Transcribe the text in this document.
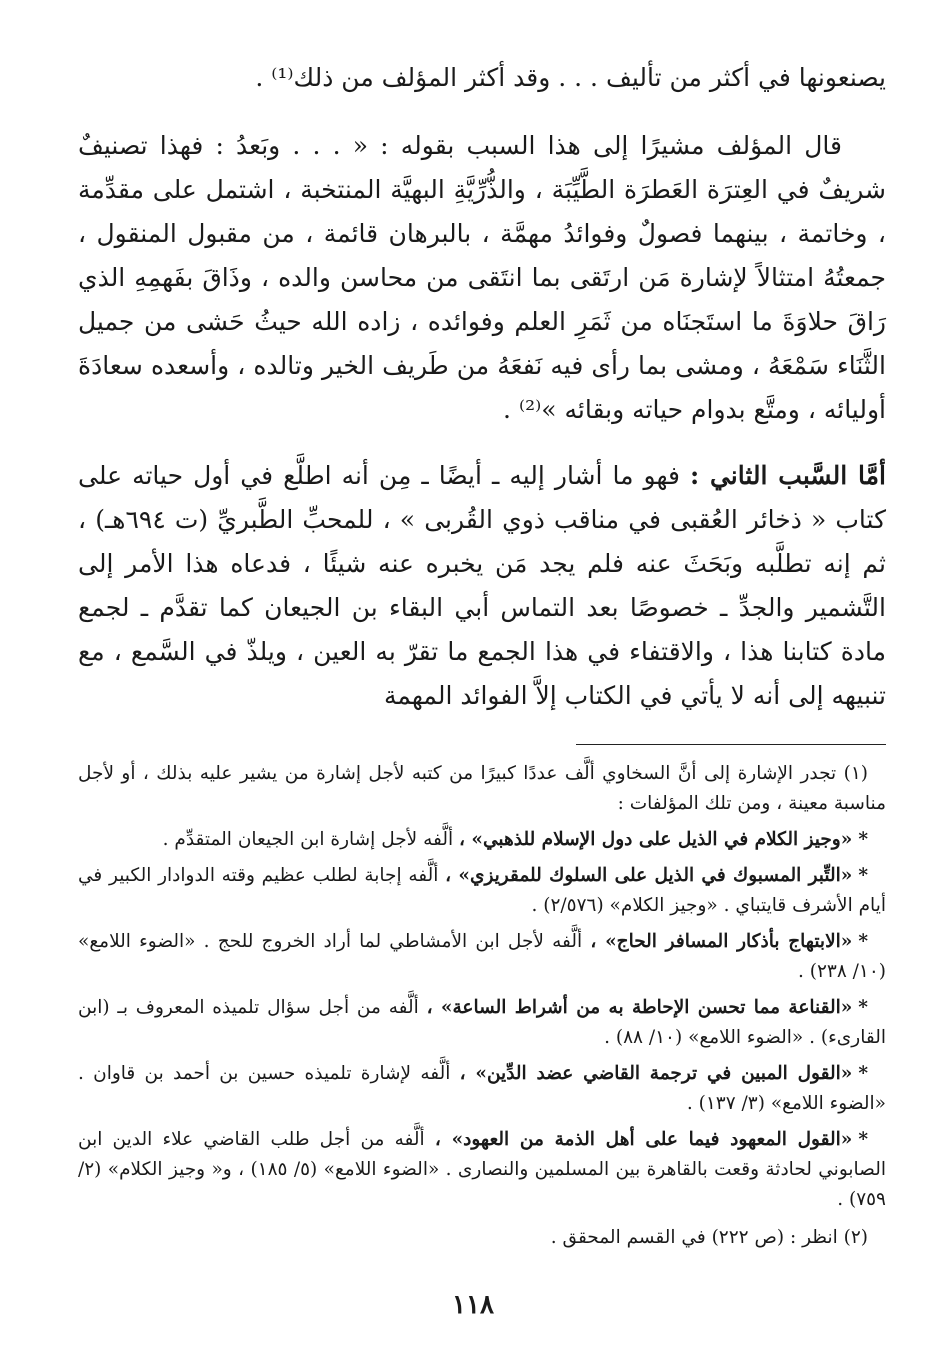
يصنعونها في أكثر من تأليف . . . وقد أكثر المؤلف من ذلك⁽¹⁾ .

قال المؤلف مشيرًا إلى هذا السبب بقوله : « . . . وبَعدُ : فهذا تصنيفٌ شريفٌ في العِترَة العَطرَة الطَّيِّبَة ، والذُّرِّيَّةِ البهيَّة المنتخبة ، اشتمل على مقدِّمة ، وخاتمة ، بينهما فصولٌ وفوائدُ مهمَّة ، بالبرهان قائمة ، من مقبول المنقول ، جمعتُهُ امتثالاً لإشارة مَن ارتَقى بما انتَقى من محاسن والده ، وذَاقَ بفَهمِهِ الذي رَاقَ حلاوَةَ ما استَجنَاه من ثَمَرِ العلم وفوائده ، زاده الله حيثُ حَشى من جميل الثَّنَاء سَمْعَهُ ، ومشى بما رأى فيه نَفعَهُ من طَريف الخير وتالده ، وأسعده سعادَةَ أوليائه ، ومتَّع بدوام حياته وبقائه »⁽²⁾ .

أمَّا السَّبب الثاني : فهو ما أشار إليه ـ أيضًا ـ مِن أنه اطلَّع في أول حياته على كتاب « ذخائر العُقبى في مناقب ذوي القُربى » ، للمحبِّ الطَّبريِّ (ت ٦٩٤هـ) ، ثم إنه تطلَّبه وبَحَثَ عنه فلم يجد مَن يخبره عنه شيئًا ، فدعاه هذا الأمر إلى التَّشمير والجدِّ ـ خصوصًا بعد التماس أبي البقاء بن الجيعان كما تقدَّم ـ لجمع مادة كتابنا هذا ، والاقتفاء في هذا الجمع ما تقرّ به العين ، ويلذّ في السَّمع ، مع تنبيهه إلى أنه لا يأتي في الكتاب إلاَّ الفوائد المهمة

(١) تجدر الإشارة إلى أنَّ السخاوي ألَّف عددًا كبيرًا من كتبه لأجل إشارة من يشير عليه بذلك ، أو لأجل مناسبة معينة ، ومن تلك المؤلفات :

*«وجيز الكلام في الذيل على دول الإسلام للذهبي» ، ألَّفه لأجل إشارة ابن الجيعان المتقدِّم .

*«التِّبر المسبوك في الذيل على السلوك للمقريزي» ، ألَّفه إجابة لطلب عظيم وقته الدوادار الكبير في أيام الأشرف قايتباي . «وجيز الكلام» (٢/٥٧٦) .

*«الابتهاج بأذكار المسافر الحاج» ، ألَّفه لأجل ابن الأمشاطي لما أراد الخروج للحج . «الضوء اللامع» (١٠/ ٢٣٨) .

*«القناعة مما تحسن الإحاطة به من أشراط الساعة» ، ألَّفه من أجل سؤال تلميذه المعروف بـ (ابن القارىء) . «الضوء اللامع» (١٠/ ٨٨) .

*«القول المبين في ترجمة القاضي عضد الدِّين» ، ألَّفه لإشارة تلميذه حسين بن أحمد بن قاوان . «الضوء اللامع» (٣/ ١٣٧) .

*«القول المعهود فيما على أهل الذمة من العهود» ، ألَّفه من أجل طلب القاضي علاء الدين ابن الصابوني لحادثة وقعت بالقاهرة بين المسلمين والنصارى . «الضوء اللامع» (٥/ ١٨٥) ، و« وجيز الكلام» (٢/ ٧٥٩) .

(٢) انظر : (ص ٢٢٢) في القسم المحقق .

١١٨
